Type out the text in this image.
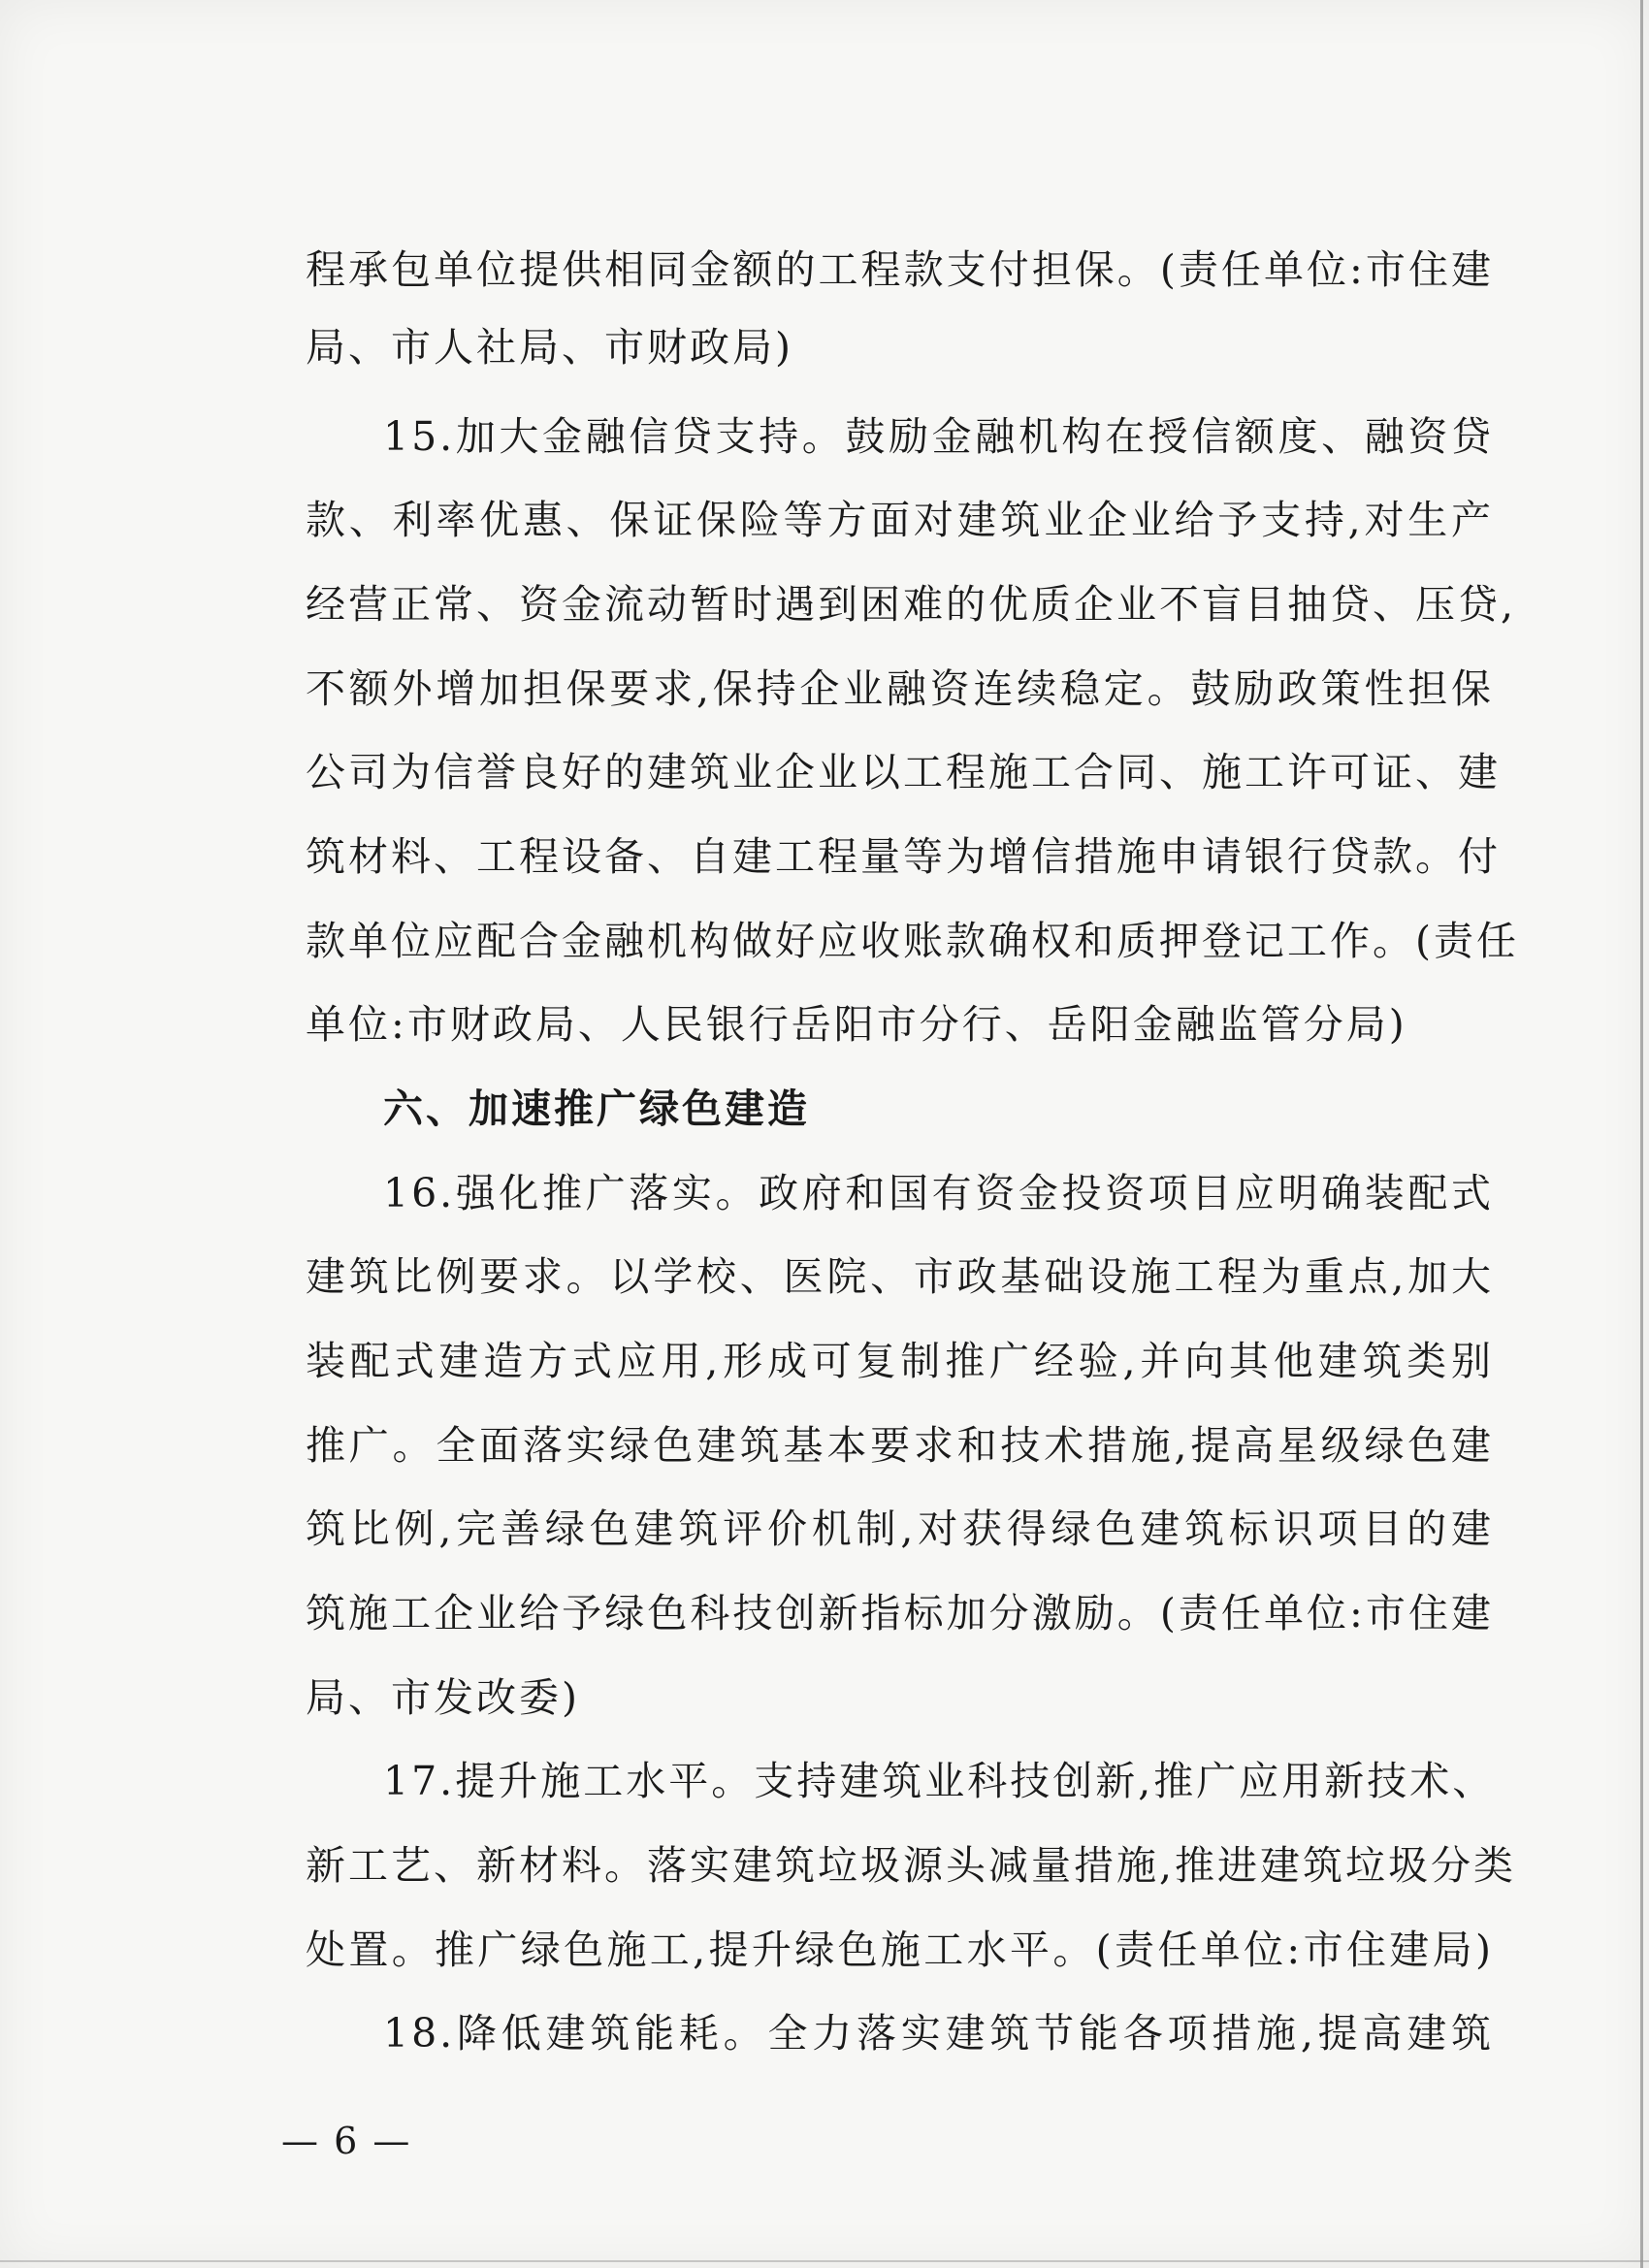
程承包单位提供相同金额的工程款支付担保。(责任单位:市住建
局、市人社局、市财政局)
15.加大金融信贷支持。鼓励金融机构在授信额度、融资贷
款、利率优惠、保证保险等方面对建筑业企业给予支持,对生产
经营正常、资金流动暂时遇到困难的优质企业不盲目抽贷、压贷,
不额外增加担保要求,保持企业融资连续稳定。鼓励政策性担保
公司为信誉良好的建筑业企业以工程施工合同、施工许可证、建
筑材料、工程设备、自建工程量等为增信措施申请银行贷款。付
款单位应配合金融机构做好应收账款确权和质押登记工作。(责任
单位:市财政局、人民银行岳阳市分行、岳阳金融监管分局)
六、加速推广绿色建造
16.强化推广落实。政府和国有资金投资项目应明确装配式
建筑比例要求。以学校、医院、市政基础设施工程为重点,加大
装配式建造方式应用,形成可复制推广经验,并向其他建筑类别
推广。全面落实绿色建筑基本要求和技术措施,提高星级绿色建
筑比例,完善绿色建筑评价机制,对获得绿色建筑标识项目的建
筑施工企业给予绿色科技创新指标加分激励。(责任单位:市住建
局、市发改委)
17.提升施工水平。支持建筑业科技创新,推广应用新技术、
新工艺、新材料。落实建筑垃圾源头减量措施,推进建筑垃圾分类
处置。推广绿色施工,提升绿色施工水平。(责任单位:市住建局)
18.降低建筑能耗。全力落实建筑节能各项措施,提高建筑
— 6 —
